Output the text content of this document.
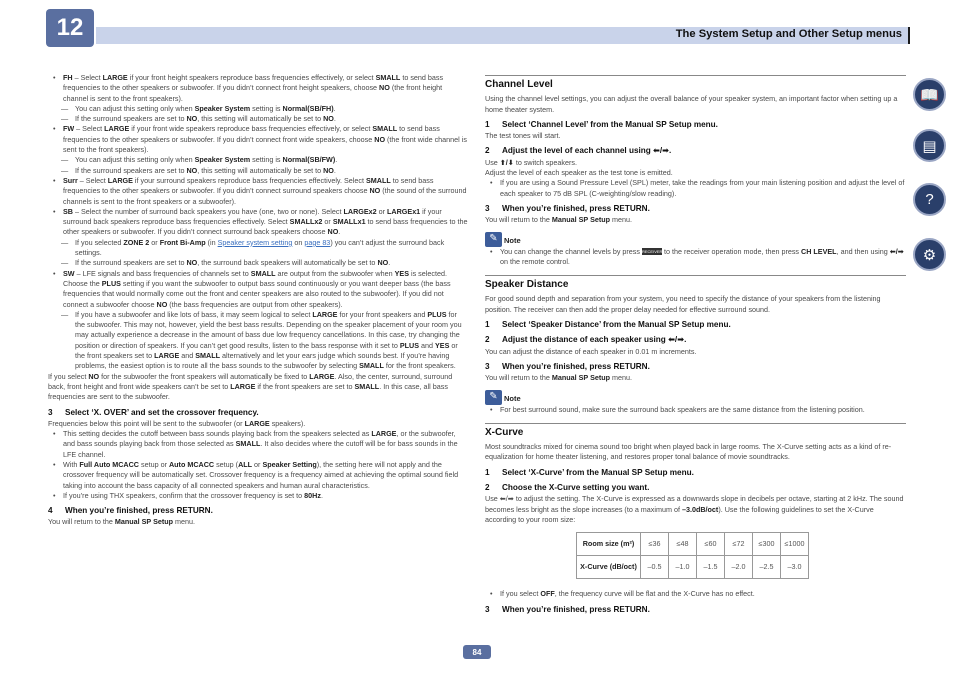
12	The System Setup and Other Setup menus
• FH – Select LARGE if your front height speakers reproduce bass frequencies effectively, or select SMALL to send bass frequencies to the other speakers or subwoofer. If you didn’t connect front height speakers, choose NO (the front height channel is sent to the front speakers).
— You can adjust this setting only when Speaker System setting is Normal(SB/FH).
— If the surround speakers are set to NO, this setting will automatically be set to NO.
• FW – Select LARGE if your front wide speakers reproduce bass frequencies effectively, or select SMALL to send bass frequencies to the other speakers or subwoofer. If you didn’t connect front wide speakers, choose NO (the front wide channel is sent to the front speakers).
— You can adjust this setting only when Speaker System setting is Normal(SB/FW).
— If the surround speakers are set to NO, this setting will automatically be set to NO.
• Surr – Select LARGE if your surround speakers reproduce bass frequencies effectively. Select SMALL to send bass frequencies to the other speakers or subwoofer. If you didn’t connect surround speakers choose NO (the sound of the surround channels is sent to the front speakers or a subwoofer).
• SB – Select the number of surround back speakers you have (one, two or none). Select LARGEx2 or LARGEx1 if your surround back speakers reproduce bass frequencies effectively. Select SMALLx2 or SMALLx1 to send bass frequencies to the other speakers or subwoofer. If you didn’t connect surround back speakers choose NO.
— If you selected ZONE 2 or Front Bi-Amp (in Speaker system setting on page 83) you can’t adjust the surround back settings.
— If the surround speakers are set to NO, the surround back speakers will automatically be set to NO.
• SW – LFE signals and bass frequencies of channels set to SMALL are output from the subwoofer when YES is selected. Choose the PLUS setting if you want the subwoofer to output bass sound continuously or you want deeper bass (the bass frequencies that would normally come out the front and center speakers are also routed to the subwoofer). If you did not connect a subwoofer choose NO (the bass frequencies are output from other speakers).
— If you have a subwoofer and like lots of bass, it may seem logical to select LARGE for your front speakers and PLUS for the subwoofer. This may not, however, yield the best bass results. Depending on the speaker placement of your room you may actually experience a decrease in the amount of bass due low frequency cancellations. In this case, try changing the position or direction of speakers. If you can’t get good results, listen to the bass response with it set to PLUS and YES or the front speakers set to LARGE and SMALL alternatively and let your ears judge which sounds best. If you’re having problems, the easiest option is to route all the bass sounds to the subwoofer by selecting SMALL for the front speakers.
If you select NO for the subwoofer the front speakers will automatically be fixed to LARGE. Also, the center, surround, surround back, front height and front wide speakers can’t be set to LARGE if the front speakers are set to SMALL. In this case, all bass frequencies are sent to the subwoofer.
3 Select ‘X. OVER’ and set the crossover frequency.
Frequencies below this point will be sent to the subwoofer (or LARGE speakers).
• This setting decides the cutoff between bass sounds playing back from the speakers selected as LARGE, or the subwoofer, and bass sounds playing back from those selected as SMALL. It also decides where the cutoff will be for bass sounds in the LFE channel.
• With Full Auto MCACC setup or Auto MCACC setup (ALL or Speaker Setting), the setting here will not apply and the crossover frequency will be automatically set. Crossover frequency is a frequency aimed at achieving the optimal sound field taking into account the bass capacity of all connected speakers and human aural characteristics.
• If you’re using THX speakers, confirm that the crossover frequency is set to 80Hz.
4 When you’re finished, press RETURN.
You will return to the Manual SP Setup menu.
Channel Level
Using the channel level settings, you can adjust the overall balance of your speaker system, an important factor when setting up a home theater system.
1 Select ‘Channel Level’ from the Manual SP Setup menu.
The test tones will start.
2 Adjust the level of each channel using ⬅/➡.
Use ⬆/⬇ to switch speakers.
Adjust the level of each speaker as the test tone is emitted.
• If you are using a Sound Pressure Level (SPL) meter, take the readings from your main listening position and adjust the level of each speaker to 75 dB SPL (C-weighting/slow reading).
3 When you’re finished, press RETURN.
You will return to the Manual SP Setup menu.
✎ Note
• You can change the channel levels by press RECEIVER to the receiver operation mode, then press CH LEVEL, and then using ⬅/➡ on the remote control.
Speaker Distance
For good sound depth and separation from your system, you need to specify the distance of your speakers from the listening position. The receiver can then add the proper delay needed for effective surround sound.
1 Select ‘Speaker Distance’ from the Manual SP Setup menu.
2 Adjust the distance of each speaker using ⬅/➡.
You can adjust the distance of each speaker in 0.01 m increments.
3 When you’re finished, press RETURN.
You will return to the Manual SP Setup menu.
✎ Note
• For best surround sound, make sure the surround back speakers are the same distance from the listening position.
X-Curve
Most soundtracks mixed for cinema sound too bright when played back in large rooms. The X-Curve setting acts as a kind of re-equalization for home theater listening, and restores proper tonal balance of movie soundtracks.
1 Select ‘X-Curve’ from the Manual SP Setup menu.
2 Choose the X-Curve setting you want.
Use ⬅/➡ to adjust the setting. The X-Curve is expressed as a downwards slope in decibels per octave, starting at 2 kHz. The sound becomes less bright as the slope increases (to a maximum of –3.0dB/oct). Use the following guidelines to set the X-Curve according to your room size:
Room size (m²)	≤36	≤48	≤60	≤72	≤300	≤1000
X-Curve (dB/oct)	–0.5	–1.0	–1.5	–2.0	–2.5	–3.0
• If you select OFF, the frequency curve will be flat and the X-Curve has no effect.
3 When you’re finished, press RETURN.
📖
▤
?
⚙
84
